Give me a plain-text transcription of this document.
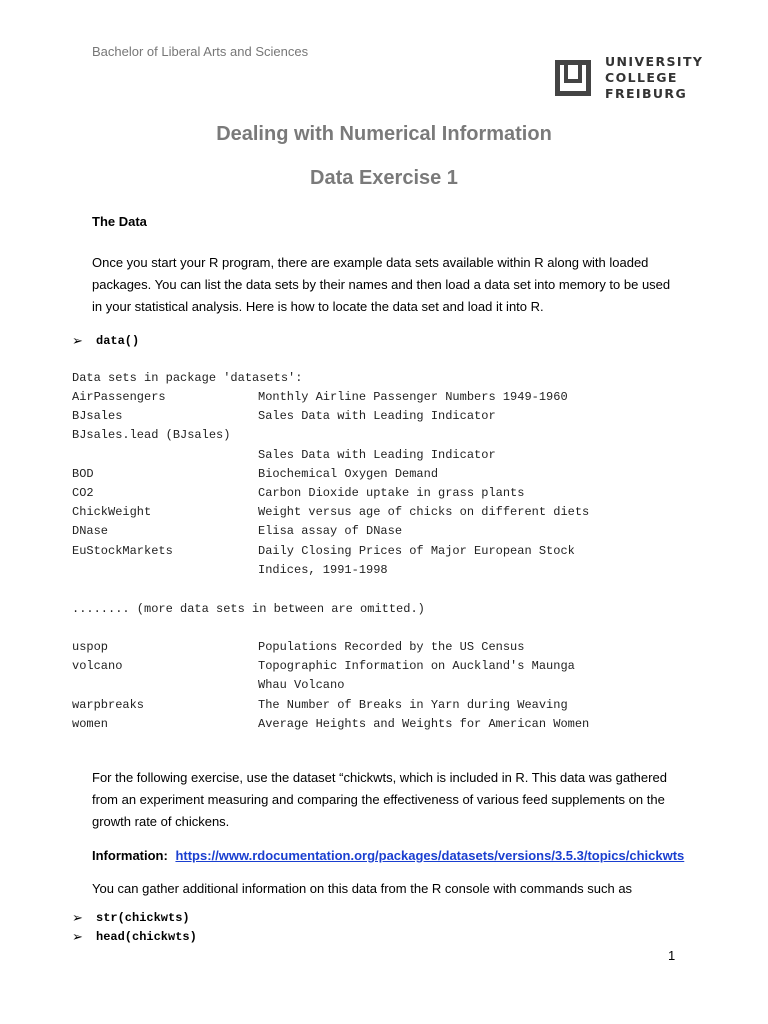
Bachelor of Liberal Arts and Sciences
UNIVERSITY
COLLEGE
FREIBURG
Dealing with Numerical Information
Data Exercise 1
The Data
Once you start your R program, there are example data sets available within R along with loaded packages. You can list the data sets by their names and then load a data set into memory to be used in your statistical analysis. Here is how to locate the data set and load it into R.
➢	data()
Data sets in package 'datasets':
AirPassengers	Monthly Airline Passenger Numbers 1949-1960
BJsales	Sales Data with Leading Indicator
BJsales.lead (BJsales)
Sales Data with Leading Indicator
BOD	Biochemical Oxygen Demand
CO2	Carbon Dioxide uptake in grass plants
ChickWeight	Weight versus age of chicks on different diets
DNase	Elisa assay of DNase
EuStockMarkets	Daily Closing Prices of Major European Stock
Indices, 1991-1998
........ (more data sets in between are omitted.)
uspop	Populations Recorded by the US Census
volcano	Topographic Information on Auckland's Maunga
Whau Volcano
warpbreaks	The Number of Breaks in Yarn during Weaving
women	Average Heights and Weights for American Women
For the following exercise, use the dataset “chickwts, which is included in R. This data was gathered from an experiment measuring and comparing the effectiveness of various feed supplements on the growth rate of chickens.
Information: https://www.rdocumentation.org/packages/datasets/versions/3.5.3/topics/chickwts
You can gather additional information on this data from the R console with commands such as
➢	str(chickwts)
➢	head(chickwts)
1
